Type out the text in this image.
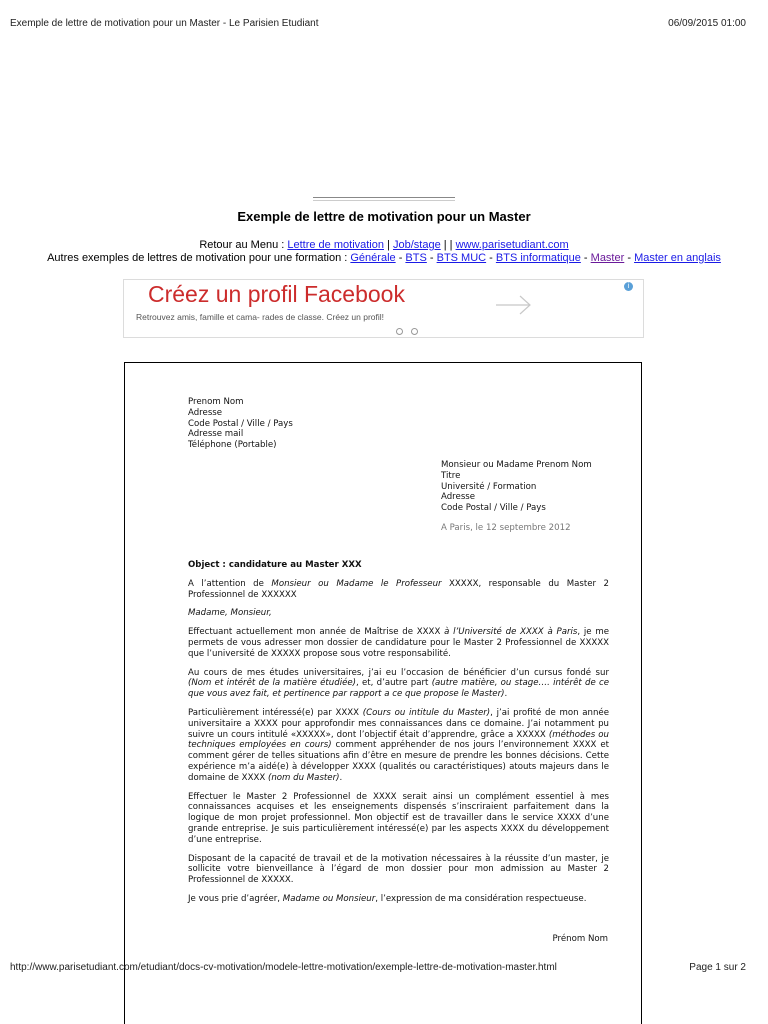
Exemple de lettre de motivation pour un Master - Le Parisien Etudiant	06/09/2015 01:00
Exemple de lettre de motivation pour un Master
Retour au Menu : Lettre de motivation | Job/stage | | www.parisetudiant.com
Autres exemples de lettres de motivation pour une formation : Générale - BTS - BTS MUC - BTS informatique - Master - Master en anglais
Créez un profil Facebook
Retrouvez amis, famille et cama- rades de classe. Créez un profil!
i
Prenom Nom
Adresse
Code Postal / Ville / Pays
Adresse mail
Téléphone (Portable)
Monsieur ou Madame Prenom Nom
Titre
Université / Formation
Adresse
Code Postal / Ville / Pays
A Paris, le 12 septembre 2012

Object : candidature au Master XXX

A l’attention de Monsieur ou Madame le Professeur XXXXX, responsable du Master 2 Professionnel de XXXXXX

Madame, Monsieur,

Effectuant actuellement mon année de Maîtrise de XXXX à l’Université de XXXX à Paris, je me permets de vous adresser mon dossier de candidature pour le Master 2 Professionnel de XXXXX que l’université de XXXXX propose sous votre responsabilité.

Au cours de mes études universitaires, j’ai eu l’occasion de bénéficier d’un cursus fondé sur (Nom et intérêt de la matière étudiée), et, d’autre part (autre matière, ou stage…. intérêt de ce que vous avez fait, et pertinence par rapport a ce que propose le Master).

Particulièrement intéressé(e) par XXXX (Cours ou intitule du Master), j’ai profité de mon année universitaire a XXXX pour approfondir mes connaissances dans ce domaine. J’ai notamment pu suivre un cours intitulé «XXXXX», dont l’objectif était d’apprendre, grâce a XXXXX (méthodes ou techniques employées en cours) comment appréhender de nos jours l’environnement XXXX et comment gérer de telles situations afin d’être en mesure de prendre les bonnes décisions. Cette expérience m’a aidé(e) à développer XXXX (qualités ou caractéristiques) atouts majeurs dans le domaine de XXXX (nom du Master).

Effectuer le Master 2 Professionnel de XXXX serait ainsi un complément essentiel à mes connaissances acquises et les enseignements dispensés s’inscriraient parfaitement dans la logique de mon projet professionnel. Mon objectif est de travailler dans le service XXXX d’une grande entreprise. Je suis particulièrement intéressé(e) par les aspects XXXX du développement d’une entreprise.

Disposant de la capacité de travail et de la motivation nécessaires à la réussite d’un master, je sollicite votre bienveillance à l’égard de mon dossier pour mon admission au Master 2 Professionnel de XXXXX.

Je vous prie d’agréer, Madame ou Monsieur, l’expression de ma considération respectueuse.

Prénom Nom
http://www.parisetudiant.com/etudiant/docs-cv-motivation/modele-lettre-motivation/exemple-lettre-de-motivation-master.html	Page 1 sur 2
